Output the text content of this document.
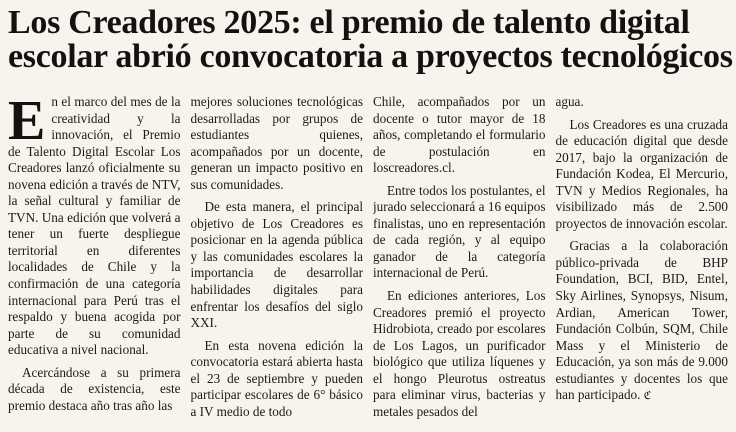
Los Creadores 2025: el premio de talento digital
escolar abrió convocatoria a proyectos tecnológicos

En el marco del mes de la creatividad y la innovación, el Premio de Talento Digital Escolar Los Creadores lanzó oficialmente su novena edición a través de NTV, la señal cultural y familiar de TVN. Una edición que volverá a tener un fuerte despliegue territorial en diferentes localidades de Chile y la confirmación de una categoría internacional para Perú tras el respaldo y buena acogida por parte de su comunidad educativa a nivel nacional.

Acercándose a su primera década de existencia, este premio destaca año tras año las

mejores soluciones tecnológicas desarrolladas por grupos de estudiantes quienes, acompañados por un docente, generan un impacto positivo en sus comunidades.

De esta manera, el principal objetivo de Los Creadores es posicionar en la agenda pública y las comunidades escolares la importancia de desarrollar habilidades digitales para enfrentar los desafíos del siglo XXI.

En esta novena edición la convocatoria estará abierta hasta el 23 de septiembre y pueden participar escolares de 6° básico a IV medio de todo

Chile, acompañados por un docente o tutor mayor de 18 años, completando el formulario de postulación en loscreadores.cl.

Entre todos los postulantes, el jurado seleccionará a 16 equipos finalistas, uno en representación de cada región, y al equipo ganador de la categoría internacional de Perú.

En ediciones anteriores, Los Creadores premió el proyecto Hidrobiota, creado por escolares de Los Lagos, un purificador biológico que utiliza líquenes y el hongo Pleurotus ostreatus para eliminar virus, bacterias y metales pesados del

agua.

Los Creadores es una cruzada de educación digital que desde 2017, bajo la organización de Fundación Kodea, El Mercurio, TVN y Medios Regionales, ha visibilizado más de 2.500 proyectos de innovación escolar.

Gracias a la colaboración público-privada de BHP Foundation, BCI, BID, Entel, Sky Airlines, Synopsys, Nisum, Ardian, American Tower, Fundación Colbún, SQM, Chile Mass y el Ministerio de Educación, ya son más de 9.000 estudiantes y docentes los que han participado. ℭ
